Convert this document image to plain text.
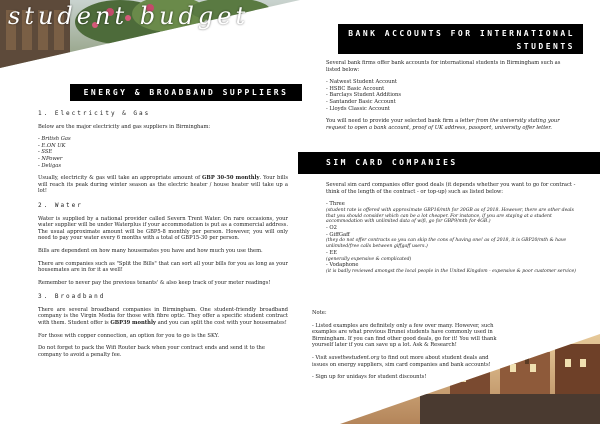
student budget
ENERGY & BROADBAND SUPPLIERS
BANK ACCOUNTS FOR INTERNATIONAL STUDENTS
SIM CARD COMPANIES
1. Electricity & Gas

Below are the major electricity and gas suppliers in Birmingham:

- British Gas
- E.ON UK
- SSE
- NPower
- Deligas

Usually, electricity & gas will take an appropriate amount of GBP 30-50 monthly. Your bills will reach its peak during winter season as the electric heater / house heater will take up a lot!

2. Water

Water is supplied by a national provider called Severn Trent Water. On rare occasions, your water supplier will be under Waterplus if your accommodation is put as a commercial address. The usual approximate amount will be GBP5-8 monthly per person. However, you will only need to pay your water every 6 months with a total of GBP15-30 per person.

Bills are dependent on how many housemates you have and how much you use them.

There are companies such as "Split the Bills" that can sort all your bills for you as long as your housemates are in for it as well!

Remember to never pay the previous tenants' & also keep track of your meter readings!

3. Broadband

There are several broadband companies in Birmingham. One student-friendly broadband company is the Virgin Media for those with fibre optic. They offer a specific student contract with them. Student offer is GBP39 monthly and you can split the cost with your housemates!

For those with copper connection, an option for you to go is the SKY.

Do not forget to pack the Wifi Router back when your contract ends and send it to the company to avoid a penalty fee.

Several bank firms offer bank accounts for international students in Birmingham such as listed below:

- Natwest Student Account
- HSBC Basic Account
- Barclays Student Additions
- Santander Basic Account
- Lloyds Classic Account

You will need to provide your selected bank firm a letter from the university stating your request to open a bank account, proof of UK address, passport, university offer letter.

Several sim card companies offer good deals (it depends whether you want to go for contract - think of the length of the contract - or top-up) such as listed below:

- Three
(student rate is offered with approximate GBP16/mth for 30GB as of 2018. However, there are other deals that you should consider which can be a lot cheaper. For instance, if you are staying at a student accommodation with unlimited data of wifi, go for GBP9/mth for 4GB.)
- O2
- GiffGaff
(they do not offer contracts so you can skip the cons of having one! as of 2018, it is GBP20/mth & have unlimited/free calls between giffgaff users.)
- EE
(generally expensive & complicated)
- Vodaphone
(it is badly reviewed amongst the local people in the United Kingdom - expensive & poor customer service)

Note:

- Listed examples are definitely only a few over many. However, such examples are what previous Brunei students have commonly used in Birmingham. If you can find other good deals, go for it! You will thank yourself later if you can save up a lot. Ask & Research!

- Visit savethestudent.org to find out more about student deals and issues on energy suppliers, sim card companies and bank accounts!

- Sign up for unidays for student discounts!
